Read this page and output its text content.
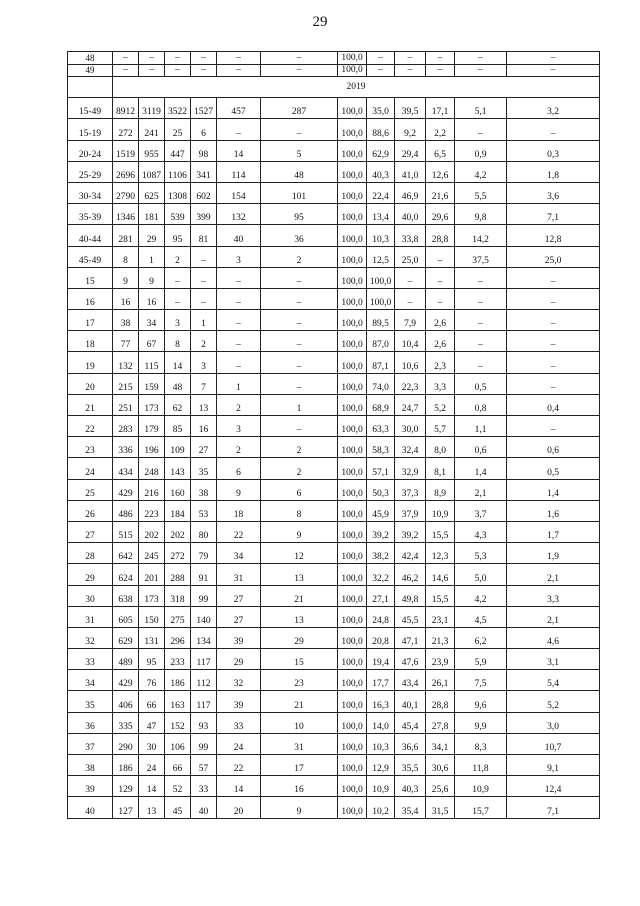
29
48	–	–	–	–	–	–	100,0	–	–	–	–	–
49	–	–	–	–	–	–	100,0	–	–	–	–	–
	2019											
15-49	8912	3119	3522	1527	457	287	100,0	35,0	39,5	17,1	5,1	3,2
15-19	272	241	25	6	–	–	100,0	88,6	9,2	2,2	–	–
20-24	1519	955	447	98	14	5	100,0	62,9	29,4	6,5	0,9	0,3
25-29	2696	1087	1106	341	114	48	100,0	40,3	41,0	12,6	4,2	1,8
30-34	2790	625	1308	602	154	101	100,0	22,4	46,9	21,6	5,5	3,6
35-39	1346	181	539	399	132	95	100,0	13,4	40,0	29,6	9,8	7,1
40-44	281	29	95	81	40	36	100,0	10,3	33,8	28,8	14,2	12,8
45-49	8	1	2	–	3	2	100,0	12,5	25,0	–	37,5	25,0
15	9	9	–	–	–	–	100,0	100,0	–	–	–	–
16	16	16	–	–	–	–	100,0	100,0	–	–	–	–
17	38	34	3	1	–	–	100,0	89,5	7,9	2,6	–	–
18	77	67	8	2	–	–	100,0	87,0	10,4	2,6	–	–
19	132	115	14	3	–	–	100,0	87,1	10,6	2,3	–	–
20	215	159	48	7	1	–	100,0	74,0	22,3	3,3	0,5	–
21	251	173	62	13	2	1	100,0	68,9	24,7	5,2	0,8	0,4
22	283	179	85	16	3	–	100,0	63,3	30,0	5,7	1,1	–
23	336	196	109	27	2	2	100,0	58,3	32,4	8,0	0,6	0,6
24	434	248	143	35	6	2	100,0	57,1	32,9	8,1	1,4	0,5
25	429	216	160	38	9	6	100,0	50,3	37,3	8,9	2,1	1,4
26	486	223	184	53	18	8	100,0	45,9	37,9	10,9	3,7	1,6
27	515	202	202	80	22	9	100,0	39,2	39,2	15,5	4,3	1,7
28	642	245	272	79	34	12	100,0	38,2	42,4	12,3	5,3	1,9
29	624	201	288	91	31	13	100,0	32,2	46,2	14,6	5,0	2,1
30	638	173	318	99	27	21	100,0	27,1	49,8	15,5	4,2	3,3
31	605	150	275	140	27	13	100,0	24,8	45,5	23,1	4,5	2,1
32	629	131	296	134	39	29	100,0	20,8	47,1	21,3	6,2	4,6
33	489	95	233	117	29	15	100,0	19,4	47,6	23,9	5,9	3,1
34	429	76	186	112	32	23	100,0	17,7	43,4	26,1	7,5	5,4
35	406	66	163	117	39	21	100,0	16,3	40,1	28,8	9,6	5,2
36	335	47	152	93	33	10	100,0	14,0	45,4	27,8	9,9	3,0
37	290	30	106	99	24	31	100,0	10,3	36,6	34,1	8,3	10,7
38	186	24	66	57	22	17	100,0	12,9	35,5	30,6	11,8	9,1
39	129	14	52	33	14	16	100,0	10,9	40,3	25,6	10,9	12,4
40	127	13	45	40	20	9	100,0	10,2	35,4	31,5	15,7	7,1
